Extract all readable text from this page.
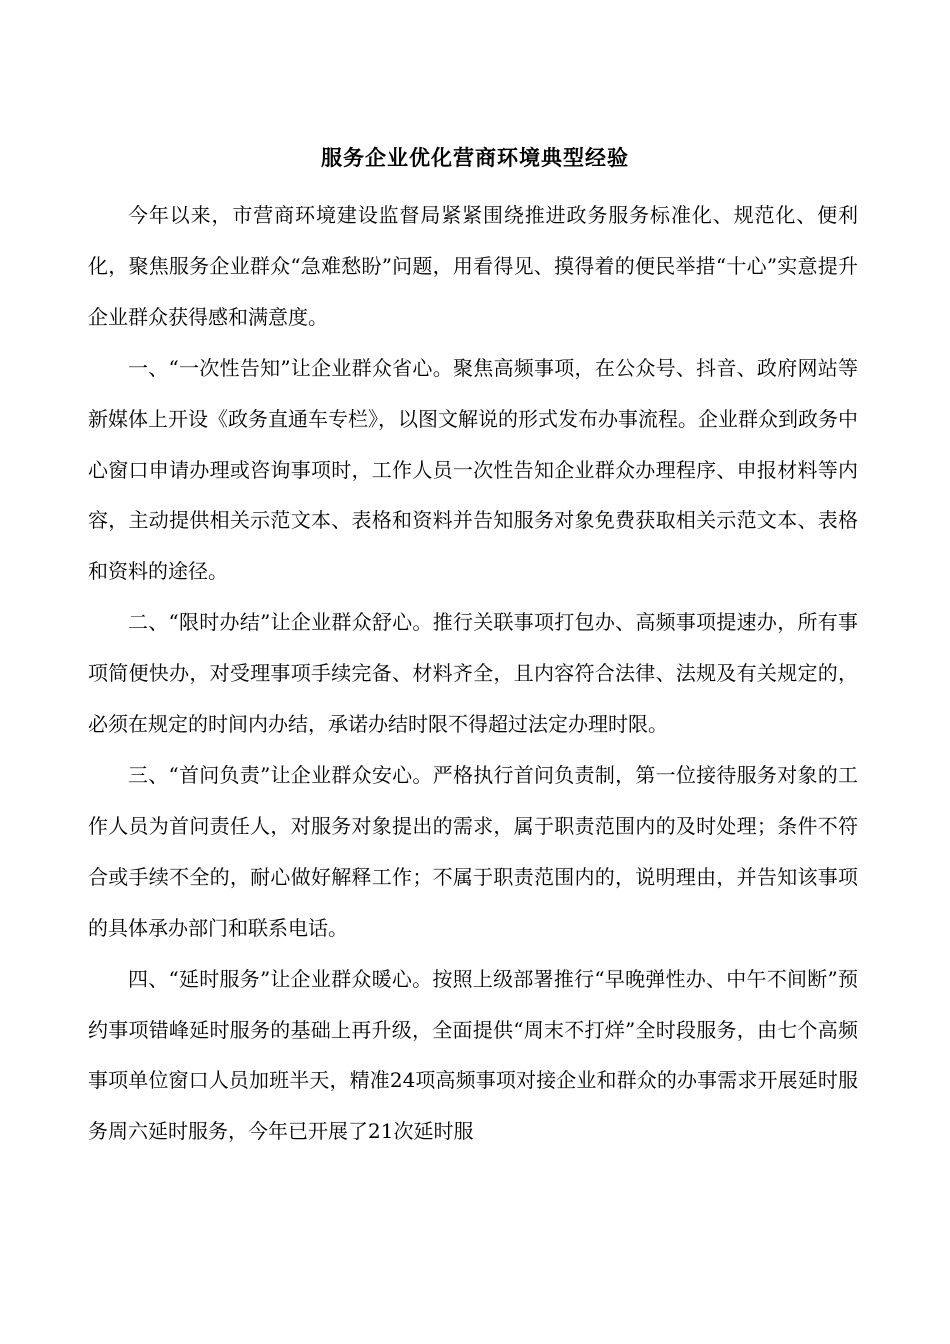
服务企业优化营商环境典型经验

今年以来，市营商环境建设监督局紧紧围绕推进政务服务标准化、规范化、便利化，聚焦服务企业群众“急难愁盼”问题，用看得见、摸得着的便民举措“十心”实意提升企业群众获得感和满意度。

一、“一次性告知”让企业群众省心。聚焦高频事项，在公众号、抖音、政府网站等新媒体上开设《政务直通车专栏》，以图文解说的形式发布办事流程。企业群众到政务中心窗口申请办理或咨询事项时，工作人员一次性告知企业群众办理程序、申报材料等内容，主动提供相关示范文本、表格和资料并告知服务对象免费获取相关示范文本、表格和资料的途径。

二、“限时办结”让企业群众舒心。推行关联事项打包办、高频事项提速办，所有事项简便快办，对受理事项手续完备、材料齐全，且内容符合法律、法规及有关规定的，必须在规定的时间内办结，承诺办结时限不得超过法定办理时限。

三、“首问负责”让企业群众安心。严格执行首问负责制，第一位接待服务对象的工作人员为首问责任人，对服务对象提出的需求，属于职责范围内的及时处理；条件不符合或手续不全的，耐心做好解释工作；不属于职责范围内的，说明理由，并告知该事项的具体承办部门和联系电话。

四、“延时服务”让企业群众暖心。按照上级部署推行“早晚弹性办、中午不间断”预约事项错峰延时服务的基础上再升级，全面提供“周末不打烊”全时段服务，由七个高频事项单位窗口人员加班半天，精准24项高频事项对接企业和群众的办事需求开展延时服务周六延时服务，今年已开展了21次延时服
